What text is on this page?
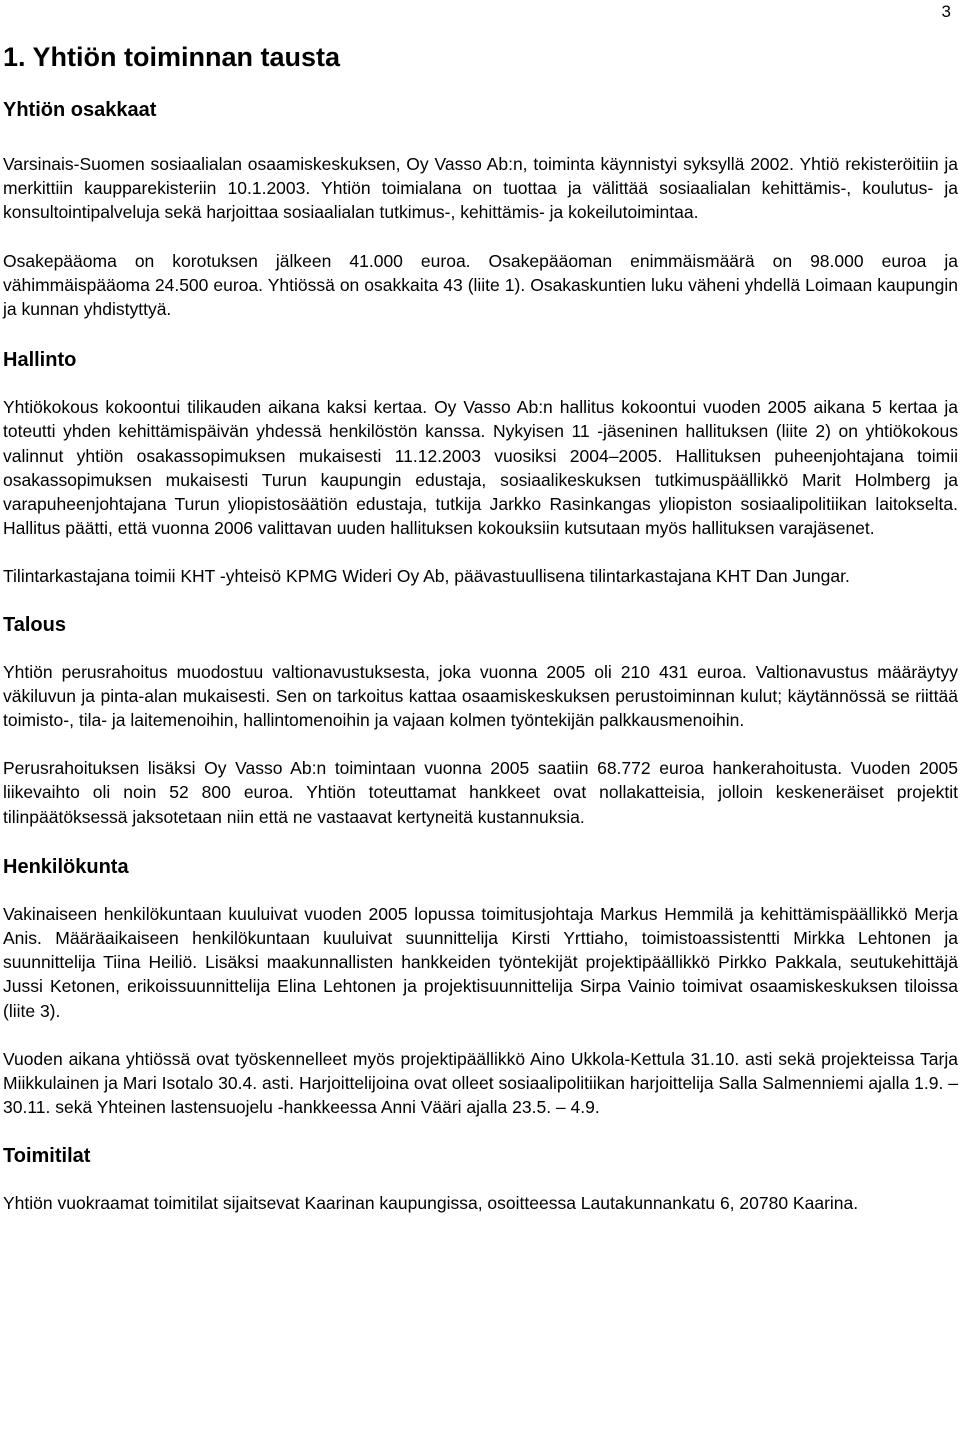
3

1. Yhtiön toiminnan tausta
Yhtiön osakkaat

Varsinais-Suomen sosiaalialan osaamiskeskuksen, Oy Vasso Ab:n, toiminta käynnistyi syksyllä 2002. Yhtiö rekisteröitiin ja merkittiin kaupparekisteriin 10.1.2003. Yhtiön toimialana on tuottaa ja välittää sosiaalialan kehittämis-, koulutus- ja konsultointipalveluja sekä harjoittaa sosiaalialan tutkimus-, kehittämis- ja kokeilutoimintaa.

Osakepääoma on korotuksen jälkeen 41.000 euroa. Osakepääoman enimmäismäärä on 98.000 euroa ja vähimmäispääoma 24.500 euroa. Yhtiössä on osakkaita 43 (liite 1). Osakaskuntien luku väheni yhdellä Loimaan kaupungin ja kunnan yhdistyttyä.

Hallinto

Yhtiökokous kokoontui tilikauden aikana kaksi kertaa. Oy Vasso Ab:n hallitus kokoontui vuoden 2005 aikana 5 kertaa ja toteutti yhden kehittämispäivän yhdessä henkilöstön kanssa. Nykyisen 11 -jäseninen hallituksen (liite 2) on yhtiökokous valinnut yhtiön osakassopimuksen mukaisesti 11.12.2003 vuosiksi 2004–2005. Hallituksen puheenjohtajana toimii osakassopimuksen mukaisesti Turun kaupungin edustaja, sosiaalikeskuksen tutkimuspäällikkö Marit Holmberg ja varapuheenjohtajana Turun yliopistosäätiön edustaja, tutkija Jarkko Rasinkangas yliopiston sosiaalipolitiikan laitokselta. Hallitus päätti, että vuonna 2006 valittavan uuden hallituksen kokouksiin kutsutaan myös hallituksen varajäsenet.

Tilintarkastajana toimii KHT -yhteisö KPMG Wideri Oy Ab, päävastuullisena tilintarkastajana KHT Dan Jungar.

Talous

Yhtiön perusrahoitus muodostuu valtionavustuksesta, joka vuonna 2005 oli 210 431 euroa. Valtionavustus määräytyy väkiluvun ja pinta-alan mukaisesti. Sen on tarkoitus kattaa osaamiskeskuksen perustoiminnan kulut; käytännössä se riittää toimisto-, tila- ja laitemenoihin, hallintomenoihin ja vajaan kolmen työntekijän palkkausmenoihin.

Perusrahoituksen lisäksi Oy Vasso Ab:n toimintaan vuonna 2005 saatiin 68.772 euroa hankerahoitusta. Vuoden 2005 liikevaihto oli noin 52 800 euroa. Yhtiön toteuttamat hankkeet ovat nollakatteisia, jolloin keskeneräiset projektit tilinpäätöksessä jaksotetaan niin että ne vastaavat kertyneitä kustannuksia.

Henkilökunta

Vakinaiseen henkilökuntaan kuuluivat vuoden 2005 lopussa toimitusjohtaja Markus Hemmilä ja kehittämispäällikkö Merja Anis. Määräaikaiseen henkilökuntaan kuuluivat suunnittelija Kirsti Yrttiaho, toimistoassistentti Mirkka Lehtonen ja suunnittelija Tiina Heiliö. Lisäksi maakunnallisten hankkeiden työntekijät projektipäällikkö Pirkko Pakkala, seutukehittäjä Jussi Ketonen, erikoissuunnittelija Elina Lehtonen ja projektisuunnittelija Sirpa Vainio toimivat osaamiskeskuksen tiloissa (liite 3).

Vuoden aikana yhtiössä ovat työskennelleet myös projektipäällikkö Aino Ukkola-Kettula 31.10. asti sekä projekteissa Tarja Miikkulainen ja Mari Isotalo 30.4. asti. Harjoittelijoina ovat olleet sosiaalipolitiikan harjoittelija Salla Salmenniemi ajalla 1.9. – 30.11. sekä Yhteinen lastensuojelu -hankkeessa Anni Vääri ajalla 23.5. – 4.9.

Toimitilat

Yhtiön vuokraamat toimitilat sijaitsevat Kaarinan kaupungissa, osoitteessa Lautakunnankatu 6, 20780 Kaarina.
